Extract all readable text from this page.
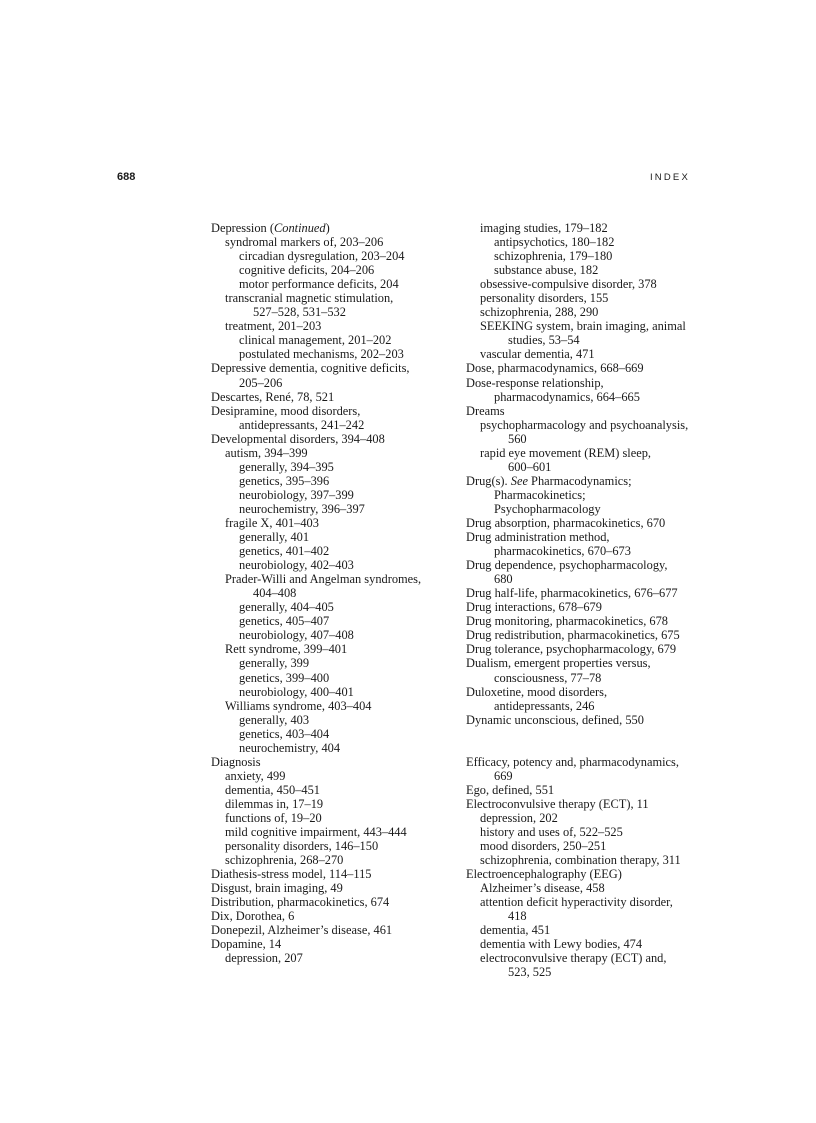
688	INDEX
Depression (Continued)
syndromal markers of, 203–206
circadian dysregulation, 203–204
cognitive deficits, 204–206
motor performance deficits, 204
transcranial magnetic stimulation,
527–528, 531–532
treatment, 201–203
clinical management, 201–202
postulated mechanisms, 202–203
Depressive dementia, cognitive deficits,
205–206
Descartes, René, 78, 521
Desipramine, mood disorders,
antidepressants, 241–242
Developmental disorders, 394–408
autism, 394–399
generally, 394–395
genetics, 395–396
neurobiology, 397–399
neurochemistry, 396–397
fragile X, 401–403
generally, 401
genetics, 401–402
neurobiology, 402–403
Prader-Willi and Angelman syndromes,
404–408
generally, 404–405
genetics, 405–407
neurobiology, 407–408
Rett syndrome, 399–401
generally, 399
genetics, 399–400
neurobiology, 400–401
Williams syndrome, 403–404
generally, 403
genetics, 403–404
neurochemistry, 404
Diagnosis
anxiety, 499
dementia, 450–451
dilemmas in, 17–19
functions of, 19–20
mild cognitive impairment, 443–444
personality disorders, 146–150
schizophrenia, 268–270
Diathesis-stress model, 114–115
Disgust, brain imaging, 49
Distribution, pharmacokinetics, 674
Dix, Dorothea, 6
Donepezil, Alzheimer’s disease, 461
Dopamine, 14
depression, 207
imaging studies, 179–182
antipsychotics, 180–182
schizophrenia, 179–180
substance abuse, 182
obsessive-compulsive disorder, 378
personality disorders, 155
schizophrenia, 288, 290
SEEKING system, brain imaging, animal
studies, 53–54
vascular dementia, 471
Dose, pharmacodynamics, 668–669
Dose-response relationship,
pharmacodynamics, 664–665
Dreams
psychopharmacology and psychoanalysis,
560
rapid eye movement (REM) sleep,
600–601
Drug(s). See Pharmacodynamics;
Pharmacokinetics;
Psychopharmacology
Drug absorption, pharmacokinetics, 670
Drug administration method,
pharmacokinetics, 670–673
Drug dependence, psychopharmacology,
680
Drug half-life, pharmacokinetics, 676–677
Drug interactions, 678–679
Drug monitoring, pharmacokinetics, 678
Drug redistribution, pharmacokinetics, 675
Drug tolerance, psychopharmacology, 679
Dualism, emergent properties versus,
consciousness, 77–78
Duloxetine, mood disorders,
antidepressants, 246
Dynamic unconscious, defined, 550
Efficacy, potency and, pharmacodynamics,
669
Ego, defined, 551
Electroconvulsive therapy (ECT), 11
depression, 202
history and uses of, 522–525
mood disorders, 250–251
schizophrenia, combination therapy, 311
Electroencephalography (EEG)
Alzheimer’s disease, 458
attention deficit hyperactivity disorder,
418
dementia, 451
dementia with Lewy bodies, 474
electroconvulsive therapy (ECT) and,
523, 525
